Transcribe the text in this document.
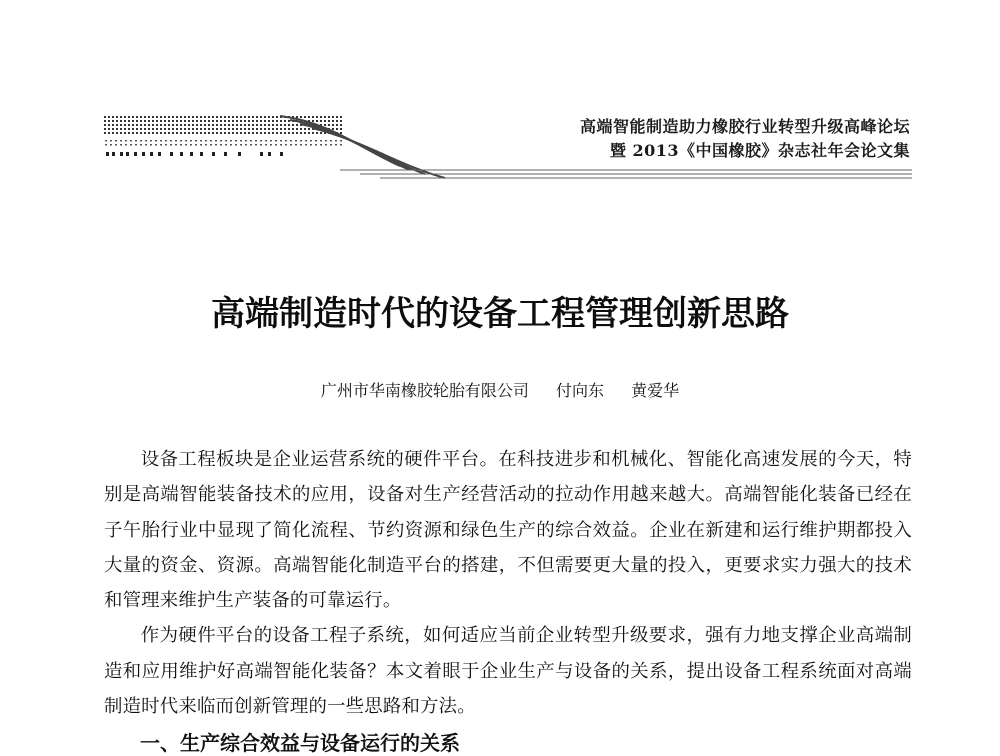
高端智能制造助力橡胶行业转型升级高峰论坛
暨 2013《中国橡胶》杂志社年会论文集
高端制造时代的设备工程管理创新思路
广州市华南橡胶轮胎有限公司 付向东 黄爱华

设备工程板块是企业运营系统的硬件平台。在科技进步和机械化、智能化高速发展的今天，特别是高端智能装备技术的应用，设备对生产经营活动的拉动作用越来越大。高端智能化装备已经在子午胎行业中显现了简化流程、节约资源和绿色生产的综合效益。企业在新建和运行维护期都投入大量的资金、资源。高端智能化制造平台的搭建，不但需要更大量的投入，更要求实力强大的技术和管理来维护生产装备的可靠运行。

作为硬件平台的设备工程子系统，如何适应当前企业转型升级要求，强有力地支撑企业高端制造和应用维护好高端智能化装备？本文着眼于企业生产与设备的关系，提出设备工程系统面对高端制造时代来临而创新管理的一些思路和方法。

一、生产综合效益与设备运行的关系
